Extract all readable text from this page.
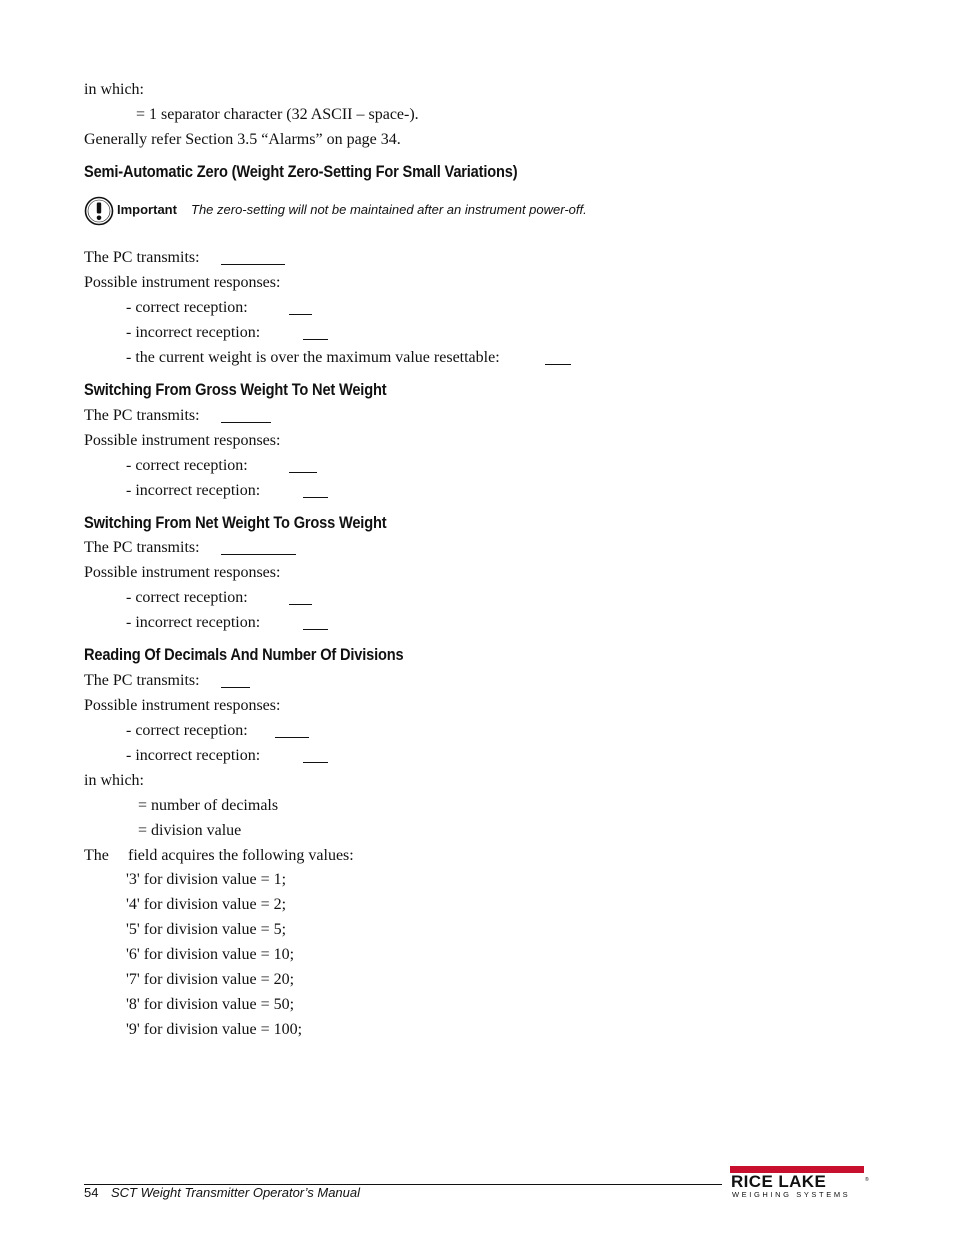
in which:
= 1 separator character (32 ASCII – space-).
Generally refer Section 3.5 “Alarms” on page 34.
Semi-Automatic Zero (Weight Zero-Setting For Small Variations)
Important The zero-setting will not be maintained after an instrument power-off.
The PC transmits:
Possible instrument responses:
- correct reception:
- incorrect reception:
- the current weight is over the maximum value resettable:
Switching From Gross Weight To Net Weight
The PC transmits:
Possible instrument responses:
- correct reception:
- incorrect reception:
Switching From Net Weight To Gross Weight
The PC transmits:
Possible instrument responses:
- correct reception:
- incorrect reception:
Reading Of Decimals And Number Of Divisions
The PC transmits:
Possible instrument responses:
- correct reception:
- incorrect reception:
in which:
= number of decimals
= division value
The field acquires the following values:
'3' for division value = 1;
'4' for division value = 2;
'5' for division value = 5;
'6' for division value = 10;
'7' for division value = 20;
'8' for division value = 50;
'9' for division value = 100;
54 SCT Weight Transmitter Operator’s Manual
RICE LAKE	®
WEIGHING SYSTEMS
